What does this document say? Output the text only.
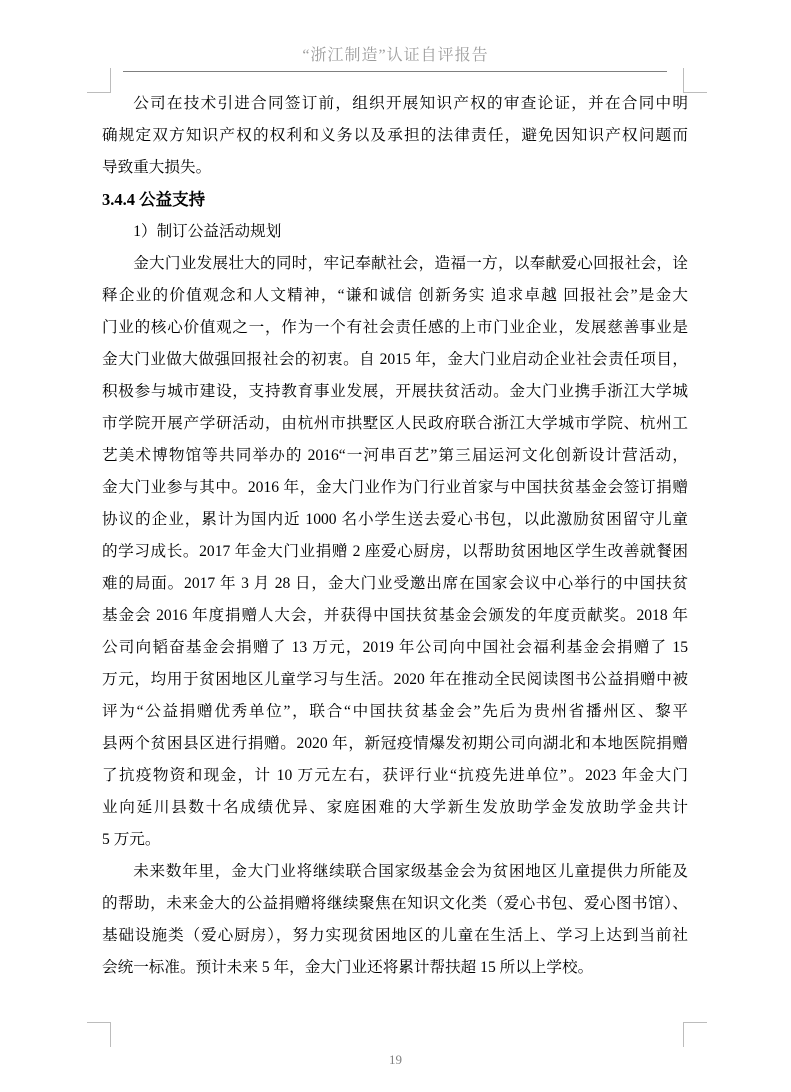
“浙江制造”认证自评报告
公司在技术引进合同签订前，组织开展知识产权的审查论证，并在合同中明
确规定双方知识产权的权利和义务以及承担的法律责任，避免因知识产权问题而
导致重大损失。
3.4.4 公益支持
1）制订公益活动规划
金大门业发展壮大的同时，牢记奉献社会，造福一方，以奉献爱心回报社会，诠
释企业的价值观念和人文精神，“谦和诚信 创新务实 追求卓越 回报社会”是金大
门业的核心价值观之一，作为一个有社会责任感的上市门业企业，发展慈善事业是
金大门业做大做强回报社会的初衷。自 2015 年，金大门业启动企业社会责任项目，
积极参与城市建设，支持教育事业发展，开展扶贫活动。金大门业携手浙江大学城
市学院开展产学研活动，由杭州市拱墅区人民政府联合浙江大学城市学院、杭州工
艺美术博物馆等共同举办的 2016“一河串百艺”第三届运河文化创新设计营活动，
金大门业参与其中。2016 年，金大门业作为门行业首家与中国扶贫基金会签订捐赠
协议的企业，累计为国内近 1000 名小学生送去爱心书包，以此激励贫困留守儿童
的学习成长。2017 年金大门业捐赠 2 座爱心厨房，以帮助贫困地区学生改善就餐困
难的局面。2017 年 3 月 28 日，金大门业受邀出席在国家会议中心举行的中国扶贫
基金会 2016 年度捐赠人大会，并获得中国扶贫基金会颁发的年度贡献奖。2018 年
公司向韬奋基金会捐赠了 13 万元，2019 年公司向中国社会福利基金会捐赠了 15
万元，均用于贫困地区儿童学习与生活。2020 年在推动全民阅读图书公益捐赠中被
评为“公益捐赠优秀单位”，联合“中国扶贫基金会”先后为贵州省播州区、黎平
县两个贫困县区进行捐赠。2020 年，新冠疫情爆发初期公司向湖北和本地医院捐赠
了抗疫物资和现金，计 10 万元左右，获评行业“抗疫先进单位”。2023 年金大门
业向延川县数十名成绩优异、家庭困难的大学新生发放助学金发放助学金共计
5 万元。
未来数年里，金大门业将继续联合国家级基金会为贫困地区儿童提供力所能及
的帮助，未来金大的公益捐赠将继续聚焦在知识文化类（爱心书包、爱心图书馆）、
基础设施类（爱心厨房），努力实现贫困地区的儿童在生活上、学习上达到当前社
会统一标准。预计未来 5 年，金大门业还将累计帮扶超 15 所以上学校。
19
